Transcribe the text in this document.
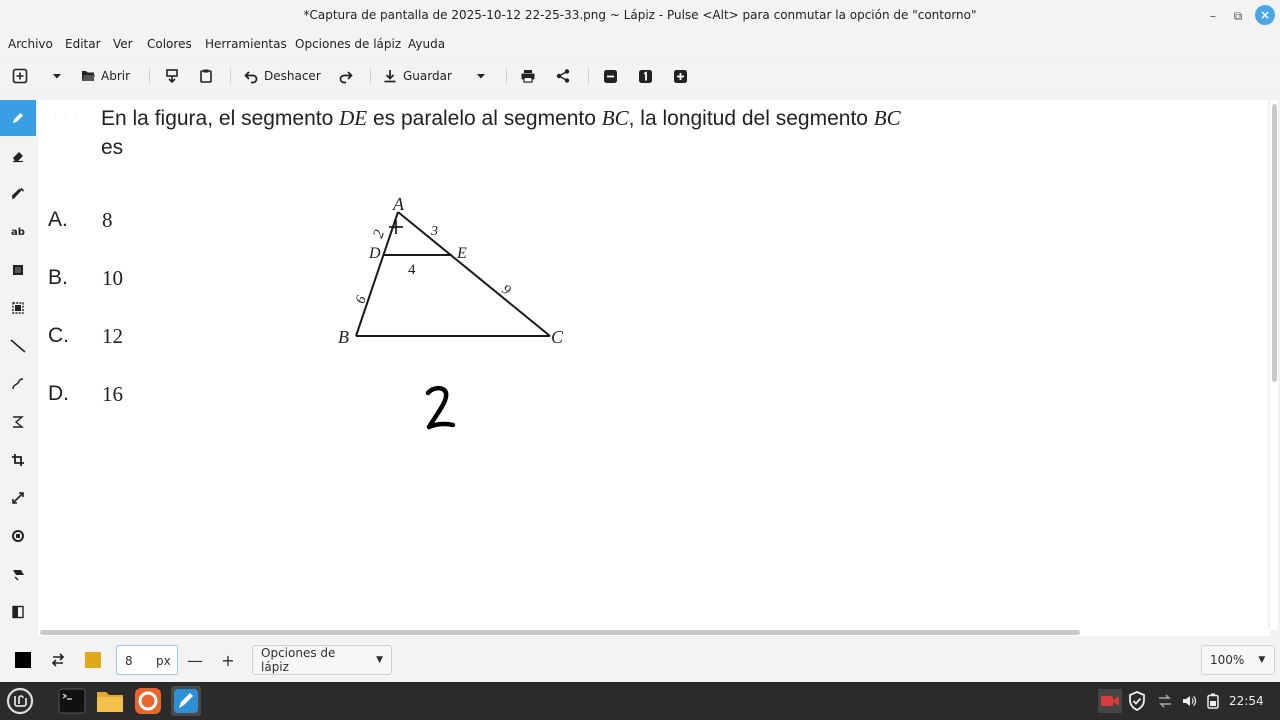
*Captura de pantalla de 2025-10-12 22-25-33.png ~ Lápiz - Pulse <Alt> para conmutar la opción de "contorno"	–	⧉	×
Archivo Editar Ver Colores Herramientas Opciones de lápiz Ayuda
Abrir	Deshacer	Guardar
ab
· · · En la figura, el segmento DE es paralelo al segmento BC, la longitud del segmento BC
es
A. 8
B. 10
C. 12
D. 16
A
B	C
D	E
2	3
4
6
9
8 px	—	+	Opciones de lápiz	▼	100% ▼
22:54
